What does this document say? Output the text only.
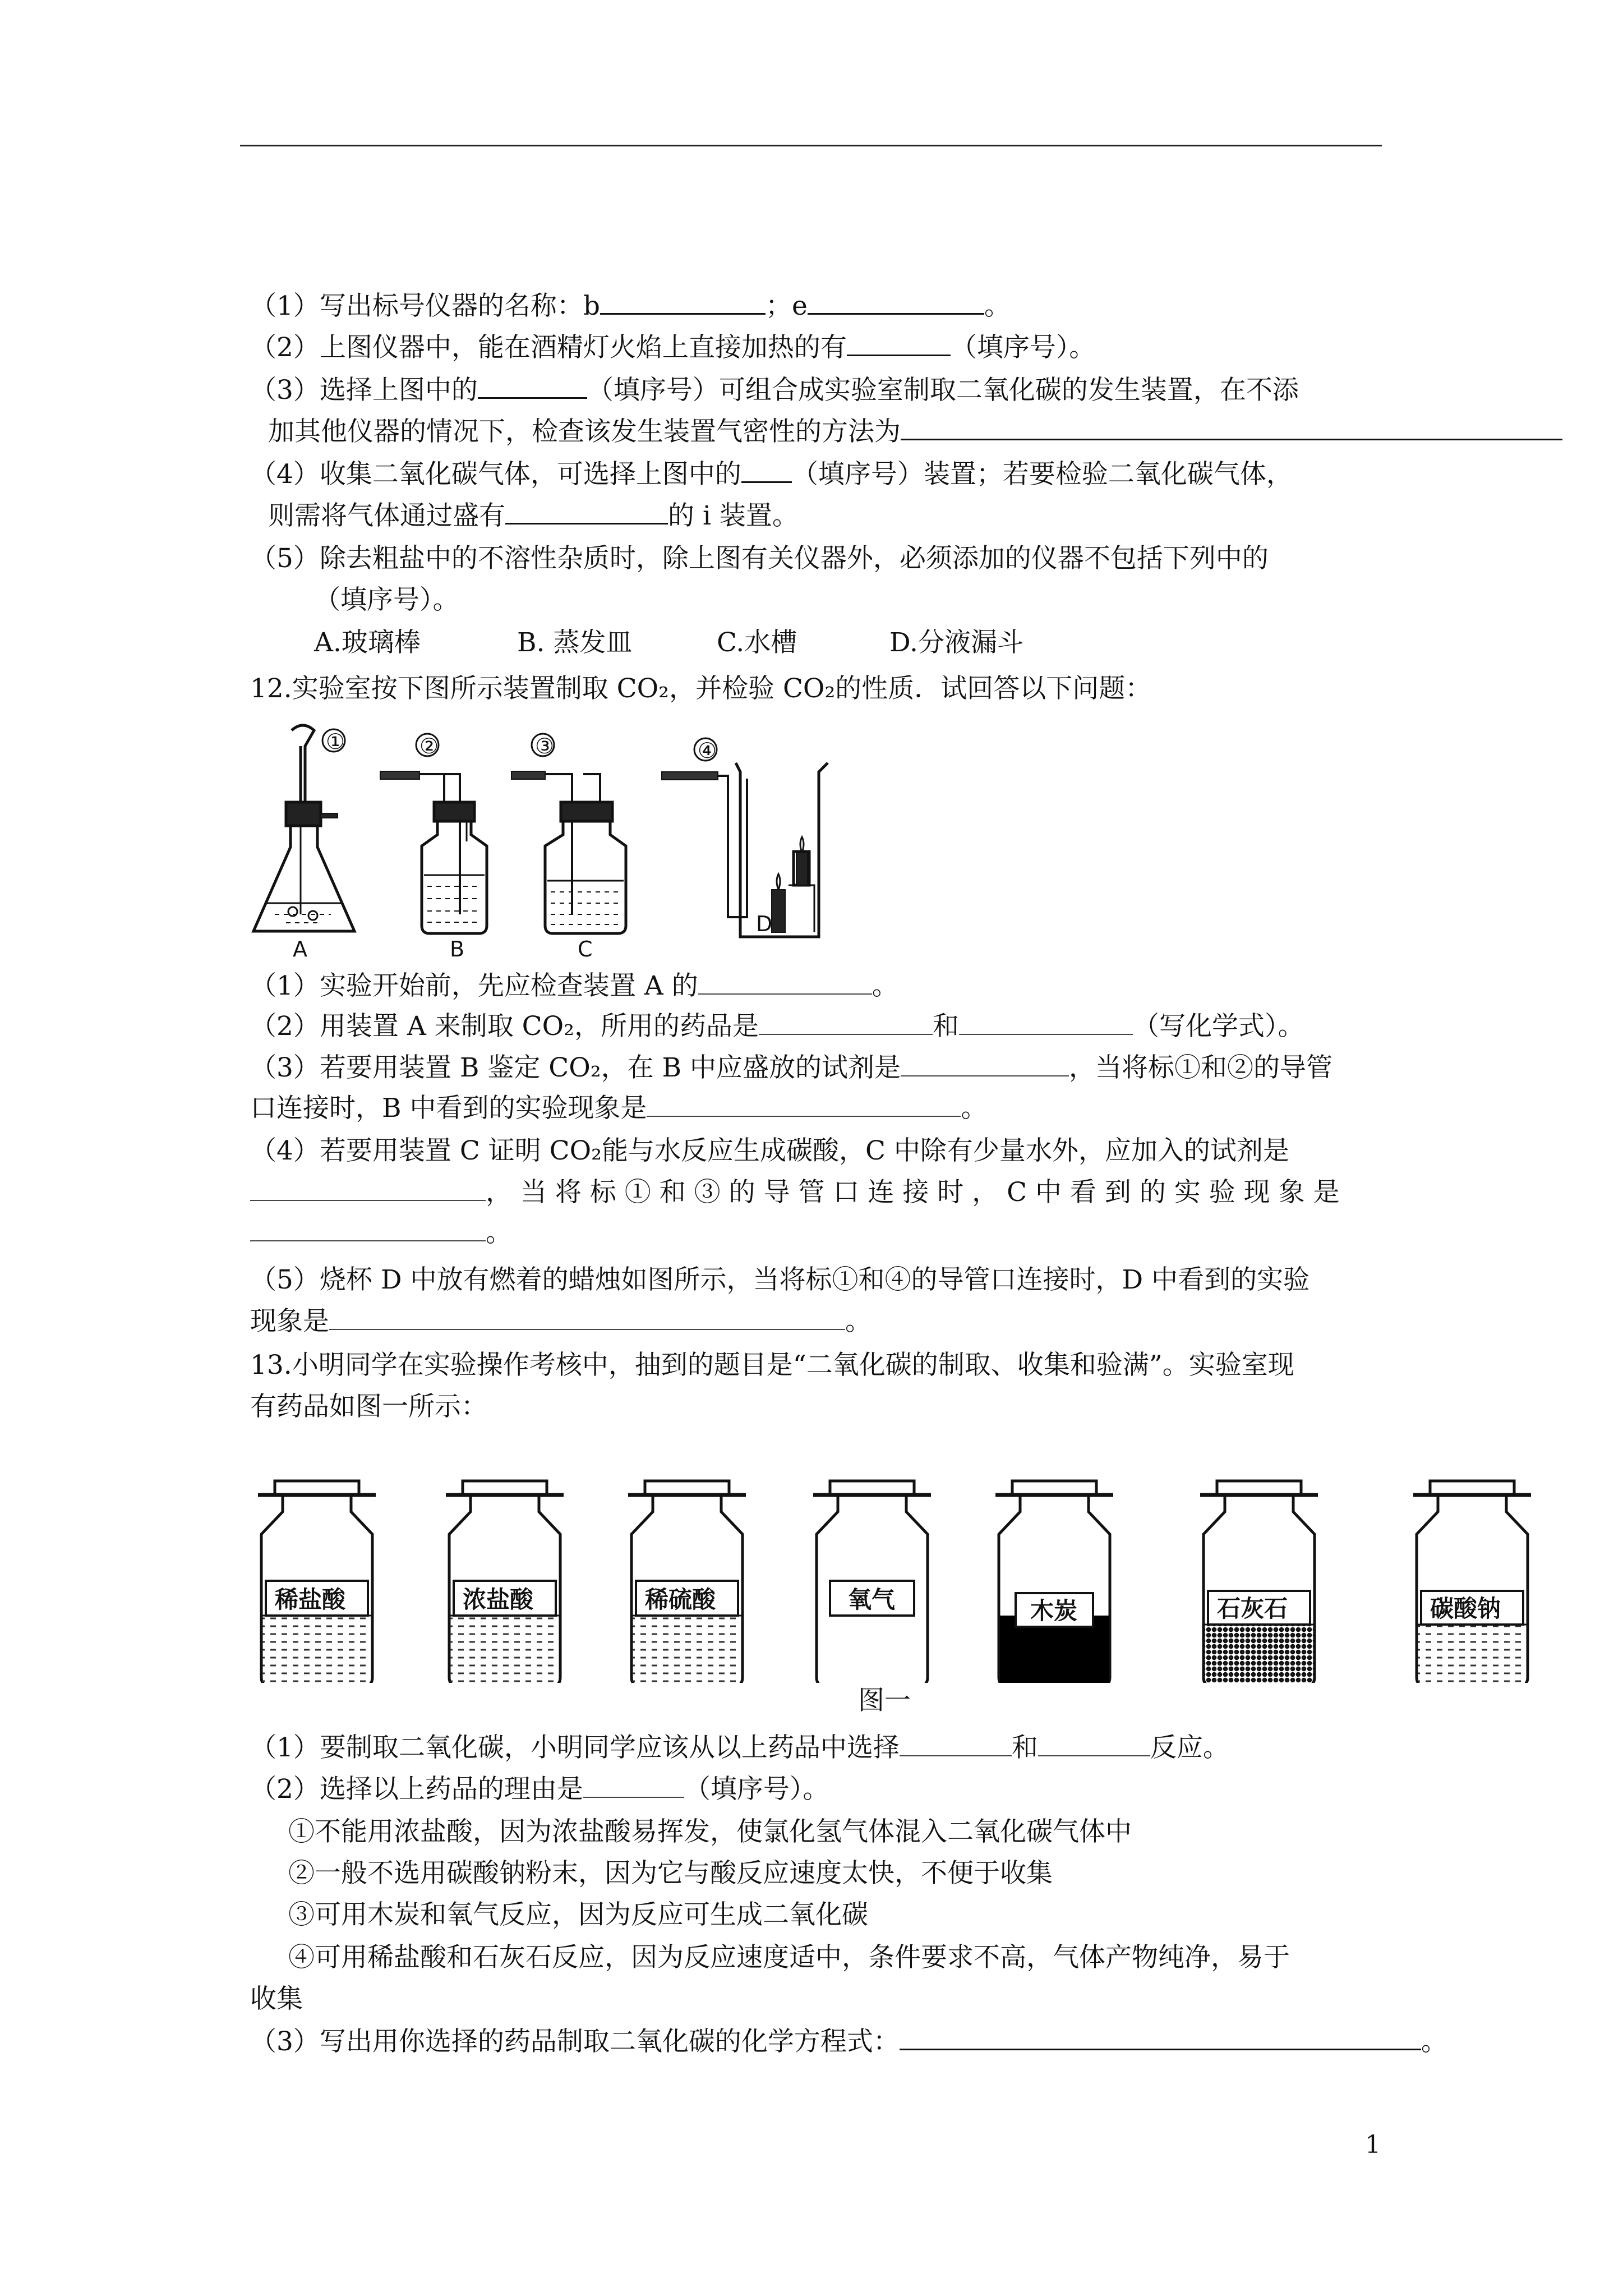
（1）写出标号仪器的名称：b	；e	。
（2）上图仪器中，能在酒精灯火焰上直接加热的有	（填序号）。
（3）选择上图中的	（填序号）可组合成实验室制取二氧化碳的发生装置，在不添
加其他仪器的情况下，检查该发生装置气密性的方法为
（4）收集二氧化碳气体，可选择上图中的 （填序号）装置；若要检验二氧化碳气体，
则需将气体通过盛有	的 i 装置。
（5）除去粗盐中的不溶性杂质时，除上图有关仪器外，必须添加的仪器不包括下列中的
（填序号）。
A.玻璃棒	B. 蒸发皿	C.水槽	D.分液漏斗
12.实验室按下图所示装置制取 CO₂，并检验 CO₂的性质．试回答以下问题：
①	②	③	④
A	B	C
D
（1）实验开始前，先应检查装置 A 的	。
（2）用装置 A 来制取 CO₂，所用的药品是	和	（写化学式）。
（3）若要用装置 B 鉴定 CO₂，在 B 中应盛放的试剂是	，当将标①和②的导管
口连接时，B 中看到的实验现象是	。
（4）若要用装置 C 证明 CO₂能与水反应生成碳酸，C 中除有少量水外，应加入的试剂是
， 当 将 标 ① 和 ③ 的 导 管 口 连 接 时 ， C 中 看 到 的 实 验 现 象 是
。
（5）烧杯 D 中放有燃着的蜡烛如图所示，当将标①和④的导管口连接时，D 中看到的实验
现象是	。
13.小明同学在实验操作考核中，抽到的题目是“二氧化碳的制取、收集和验满”。实验室现
有药品如图一所示：
稀盐酸	浓盐酸	稀硫酸	氧气	木炭	石灰石	碳酸钠
图一
（1）要制取二氧化碳，小明同学应该从以上药品中选择	和	反应。
（2）选择以上药品的理由是	（填序号）。
①不能用浓盐酸，因为浓盐酸易挥发，使氯化氢气体混入二氧化碳气体中
②一般不选用碳酸钠粉末，因为它与酸反应速度太快，不便于收集
③可用木炭和氧气反应，因为反应可生成二氧化碳
④可用稀盐酸和石灰石反应，因为反应速度适中，条件要求不高，气体产物纯净，易于
收集
（3）写出用你选择的药品制取二氧化碳的化学方程式：	。
1
